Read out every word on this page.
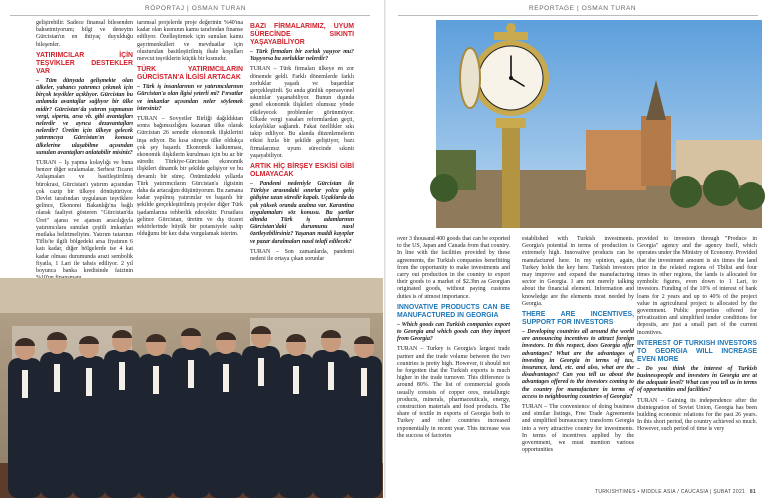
RÖPORTAJ | OSMAN TURAN	REPORTAGE | OSMAN TURAN

gelişirebilir. Sadece finansal bilesenden bahsetmiyorum; bilgi ve deneyim Gürcistan'ın en ihtiyaç duyulduğu bileşenler.

YATIRIMCILAR İÇİN TEŞVİKLER DESTEKLER VAR

– Tüm dünyada gelişmekte olan ülkeler, yabancı yatırımcı çekmek için birçok teşvikler açıklıyor. Gürcistan bu anlamda avantajlar sağlıyor bir ülke midir? Gürcistan'da yatırım yapmanın vergi, siperta, arsa vb. gibi avantajları nelerdir ve ayrıca dezavantajları nelerdir? Üretim için ülkeye gelecek yatırımcıya Gürcistan'ın konusu ülkelerine ulaşabilme açısından sunulan avantajları anlatabilir misiniz?

TURAN – İş yapma kolaylığı ve buna benzer diğer sıralamalar. Serbest Ticaret Anlaşmaları ve basitleştirilmiş bürokrasi, Gürcistan'ı yatırım açısından çok cazip bir ülkeye dönüştürüyor. Devlet tarafından uygulanan teşviklere gelince, Ekonomi Bakanlığı'na bağlı olarak faaliyet gösteren "Gürcistan'da Üret" ajansı ve ajansın aracılığıyla yatırımcılara sunulan çeşitli imkanları mutlaka belirtmeliyim. Yatırım tutarının Tiflis'te ilgili bölgedeki arsa fiyatının 6 katı kadar, diğer bölgelerde ise 4 kat kadar olması durumunda arazi sembolik fiyatla, 1 Lari ile tahsis ediliyor. 2 yıl boyunca banka kredisinde faizinin

tarımsal projelerde proje değerinin %40'ına kadar olan kısmının kamu tarafından finanse ediliyor. Özelleştirmek için sunulan kamu gayrimenkulleri ve mevduatlar için olusturulan basitleştirilmiş ihale koşulları mevcut teşviklerin küçük bir kısmıdır.

TÜRK YATIRIMCILARIN GÜRCİSTAN'A İLGİSİ ARTACAK

– Türk iş insanlarının ve yatırımcılarının Gürcistan'a olan ilgisi yeterli mi? Fırsatlar ve imkanlar açısından neler söylemek istersiniz?

TURAN – Sovyetler Birliği dağıldıktan sonra bağımsızlığını kazanan ülke olarak Gürcistan 26 senedir ekonomik ilişkilerini inşa ediyor. Bu kısa süreçte ülke oldukça çok şey başardı. Ekonomik kalkınması, ekonomik ilişkilerin kurulması için bu az bir süredir. Türkiye-Gürcistan ekonomik ilişkileri dinamik bir şekilde gelişiyor ve bu devamlı bir süreç. Önümüzdeki yıllarda Türk yatırımcıların Gürcistan'a ilgisinin daha da artacağını düşünüyorum. Bu zamana kadar yapılmış yatırımlar ve başarılı bir şekilde gerçekleştirilmiş projeler diğer Türk işadamlarına rehberlik edecektir. Fırsatlara gelince Gürcistan, üretim ve dış ticaret sektörlerinde büyük bir potansiyele sahip olduğunu bir kez daha vurgulamak isterim.

BAZI FİRMALARIMIZ, UYUM SÜRECİNDE SIKINTI YAŞAYABİLİYOR

– Türk firmaları bir zorluk yaşıyor mu? Yaşıyorsa bu zorluklar nelerdir?

TURAN – Türk firmaları ülkeye en zor dönemde geldi. Farklı dönemlerde farklı zorluklar yaşadı ve başardılar gerçekleştirdi. Şu anda günlük operasyonel sıkıntılar yaşanabiliyor. Bunun dışında genel ekonomik ilişkileri olumsuz yönde etkileyecek problemler görünmüyor. Ülkede vergi yasaları reformlardan geçti, kolaylıklar sağlandı. Fakat özellikler sıkı takip ediliyor. Bu alanda düzenlemelerin etkisi hızla bir şekilde geliştiyor, bazı firmalarımız uyum sürecinde sıkıntı yaşayabiliyor.

ARTIK HİÇ BİRŞEY ESKİSİ GİBİ OLMAYACAK

– Pandemi nedeniyle Gürcistan ile Türkiye arasındaki sınırlar yolcu geliş gidişine uzun süredir kapalı. Uçaklarda da çok yüksek oranda azalma var. Karantina uygulamaları söz konusu. Bu şartlar altında Türk iş adamlarının Gürcistan'daki durumunu nasıl özetleyebilirsiniz? Yaşanan maddi kayıplar ve pazar daralmaları nasıl telafi edilecek?

TURAN – Son zamanlarda, pandemi nedeni ile ortaya çıkan sorunlar

over 3 thousand 400 goods that can be exported to the US, Japan and Canada from that country. In line with the facilities provided by these agreements, the Turkish companies benefitting from the opportunity to make investments and carry out production in the country to export their goods to a market of $2.3bn as Georgian originated goods, without paying customs duties is of utmost importance.

INNOVATIVE PRODUCTS CAN BE MANUFACTURED IN GEORGIA

– Which goods can Turkish companies export to Georgia and which goods can they import from Georgia?

TURAN – Turkey is Georgia's largest trade partner and the trade volume between the two countries is pretty high. However, it should not be forgotten that the Turkish exports is much higher in the trade turnover. This difference is around 80%. The list of commercial goods usually consists of copper ores, metallurgic products, minerals, pharmaceuticals, energy, construction materials and food products. The share of textile in exports of Georgia both to Turkey and other countries increased exponentially in recent year. This increase was the success of factories

established with Turkish investments. Georgia's potential in terms of production is extremely high. Innovative products can be manufactured here. In my opinion, again, Turkey holds the key here. Turkish investors may improve and expand the manufacturing sector in Georgia. I am not merely talking about the financial element. Information and knowledge are the elements most needed by Georgia.

THERE ARE INCENTIVES, SUPPORT FOR INVESTORS

– Developing countries all around the world are announcing incentives to attract foreign investors. In this respect, does Georgia offer advantages? What are the advantages of investing in Georgia in terms of tax, insurance, land, etc. and also, what are the disadvantages? Can you tell us about the advantages offered to the investors coming to the country for manufacture in terms of access to neighbouring countries of Georgia?

TURAN – The convenience of doing business and similar listings, Free Trade Agreements and simplified bureaucracy transform Georgia into a very attractive country for investments. In terms of incentives applied by the government, we must mention various opportunities

provided to investors through "Produce in Georgia" agency and the agency itself, which operates under the Ministry of Economy. Provided that the investment amount is six times the land price in the related regions of Tbilisi and four times in other regions, the lands is allocated for symbolic figures, even down to 1 Lari, to investors. Funding of the 10% of interest of bank loans for 2 years and up to 40% of the project value in agricultural project is allocated by the government. Public properties offered for privatization and simplified tender conditions for deposits, are just a small part of the current incentives.

INTEREST OF TURKISH INVESTORS TO GEORGIA WILL INCREASE EVEN MORE

– Do you think the interest of Turkish businesspeople and investors in Georgia are at the adequate level? What can you tell us in terms of opportunities and facilities?

TURAN – Gaining its independence after the disintegration of Soviet Union, Georgia has been building economic relations for the past 26 years. In this short period, the country achieved so much. However, such period of time is very

TURKISHTIMES • MIDDLE ASIA / CAUCASIA | ŞUBAT 2021 81
